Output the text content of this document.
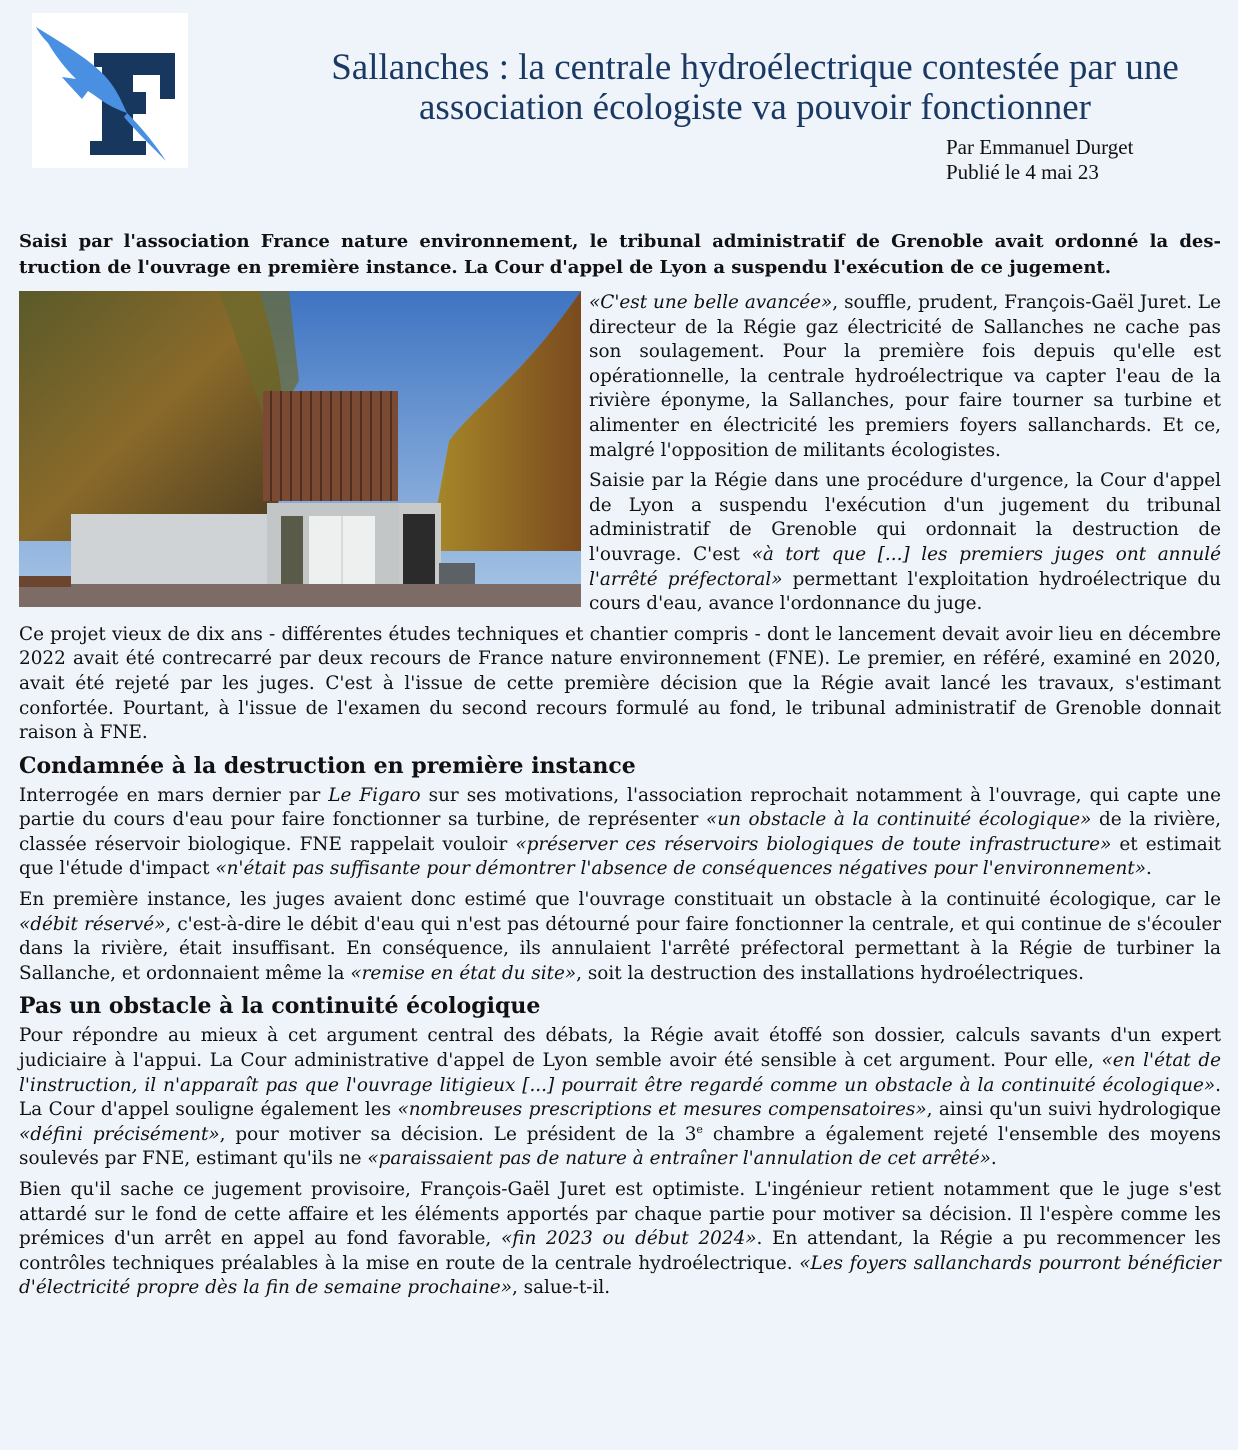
Sallanches : la centrale hydroélectrique contestée par une association écologiste va pouvoir fonctionner
Par Emmanuel Durget
Publié le 4 mai 23

Saisi par l'association France nature environnement, le tribunal administratif de Grenoble avait ordonné la destruction de l'ouvrage en première instance. La Cour d'appel de Lyon a suspendu l'exécution de ce jugement.

«C'est une belle avancée», souffle, prudent, François-Gaël Juret. Le directeur de la Régie gaz électricité de Sallanches ne cache pas son soulagement. Pour la première fois depuis qu'elle est opérationnelle, la centrale hydroélectrique va capter l'eau de la rivière éponyme, la Sallanches, pour faire tourner sa turbine et alimenter en électricité les premiers foyers sallanchards. Et ce, malgré l'opposition de militants écologistes.

Saisie par la Régie dans une procédure d'urgence, la Cour d'appel de Lyon a suspendu l'exécution d'un jugement du tribunal administratif de Grenoble qui ordonnait la destruction de l'ouvrage. C'est «à tort que [...] les premiers juges ont annulé l'arrêté préfectoral» permettant l'exploitation hydroélectrique du cours d'eau, avance l'ordonnance du juge.

Ce projet vieux de dix ans - différentes études techniques et chantier compris - dont le lancement devait avoir lieu en décembre 2022 avait été contrecarré par deux recours de France nature environnement (FNE). Le premier, en référé, examiné en 2020, avait été rejeté par les juges. C'est à l'issue de cette première décision que la Régie avait lancé les travaux, s'estimant confortée. Pourtant, à l'issue de l'examen du second recours formulé au fond, le tribunal administratif de Grenoble donnait raison à FNE.

Condamnée à la destruction en première instance

Interrogée en mars dernier par Le Figaro sur ses motivations, l'association reprochait notamment à l'ouvrage, qui capte une partie du cours d'eau pour faire fonctionner sa turbine, de représenter «un obstacle à la continuité écologique» de la rivière, classée réservoir biologique. FNE rappelait vouloir «préserver ces réservoirs biologiques de toute infrastructure» et estimait que l'étude d'impact «n'était pas suffisante pour démontrer l'absence de conséquences négatives pour l'environnement».

En première instance, les juges avaient donc estimé que l'ouvrage constituait un obstacle à la continuité écologique, car le «débit réservé», c'est-à-dire le débit d'eau qui n'est pas détourné pour faire fonctionner la centrale, et qui continue de s'écouler dans la rivière, était insuffisant. En conséquence, ils annulaient l'arrêté préfectoral permettant à la Régie de turbiner la Sallanche, et ordonnaient même la «remise en état du site», soit la destruction des installations hydroélectriques.

Pas un obstacle à la continuité écologique

Pour répondre au mieux à cet argument central des débats, la Régie avait étoffé son dossier, calculs savants d'un expert judiciaire à l'appui. La Cour administrative d'appel de Lyon semble avoir été sensible à cet argument. Pour elle, «en l'état de l'instruction, il n'apparaît pas que l'ouvrage litigieux [...] pourrait être regardé comme un obstacle à la continuité écologique». La Cour d'appel souligne également les «nombreuses prescriptions et mesures compensatoires», ainsi qu'un suivi hydrologique «défini précisément», pour motiver sa décision. Le président de la 3e chambre a également rejeté l'ensemble des moyens soulevés par FNE, estimant qu'ils ne «paraissaient pas de nature à entraîner l'annulation de cet arrêté».

Bien qu'il sache ce jugement provisoire, François-Gaël Juret est optimiste. L'ingénieur retient notamment que le juge s'est attardé sur le fond de cette affaire et les éléments apportés par chaque partie pour motiver sa décision. Il l'espère comme les prémices d'un arrêt en appel au fond favorable, «fin 2023 ou début 2024». En attendant, la Régie a pu recommencer les contrôles techniques préalables à la mise en route de la centrale hydroélectrique. «Les foyers sallanchards pourront bénéficier d'électricité propre dès la fin de semaine prochaine», salue-t-il.
